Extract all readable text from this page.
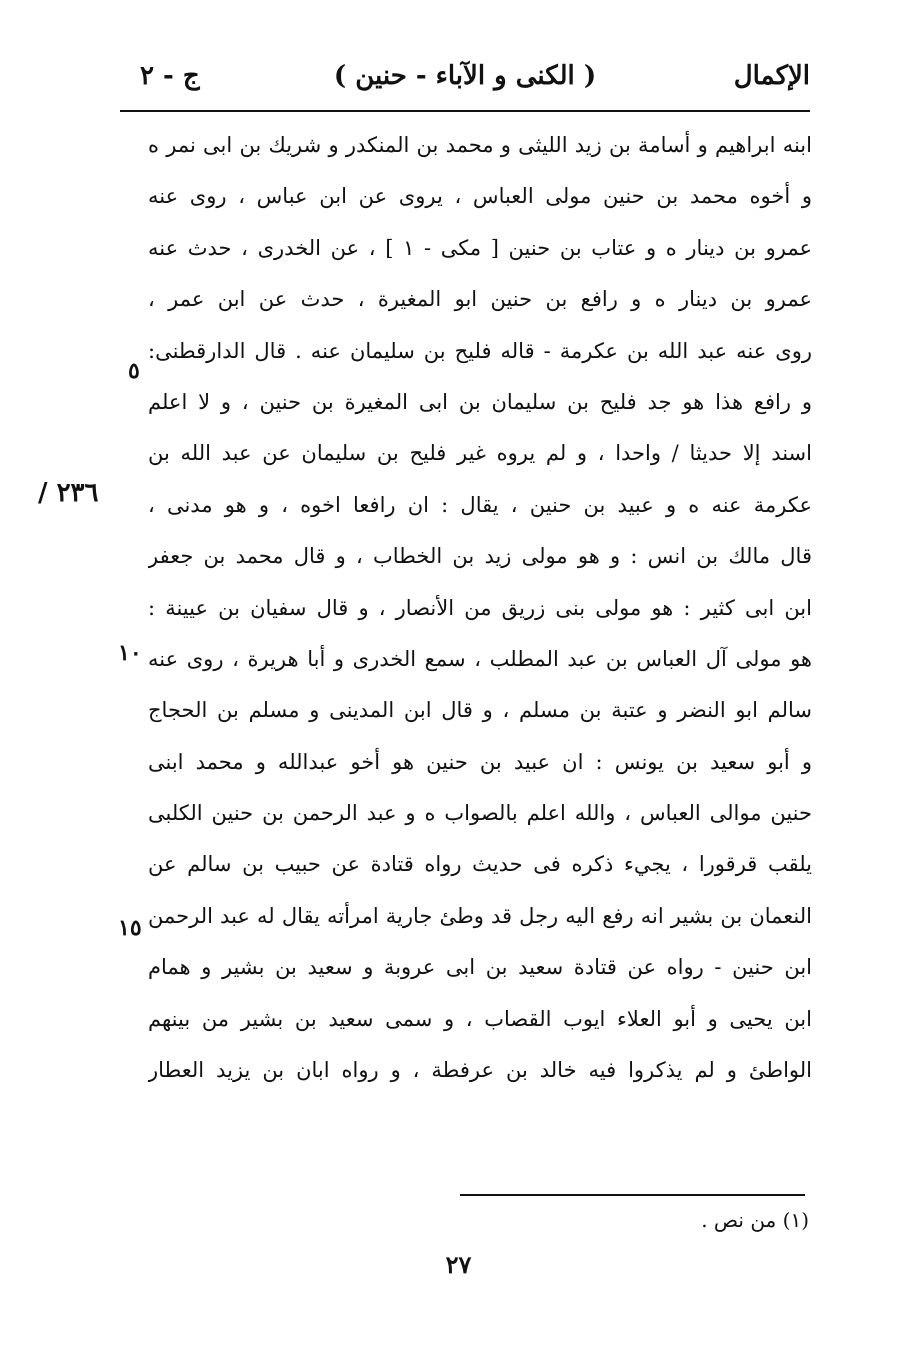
الإكمال
( الكنى و الآباء - حنين )
ج - ٢
ابنه ابراهيم و أسامة بن زيد الليثى و محمد بن المنكدر و شريك بن ابى نمر ه
و أخوه محمد بن حنين مولى العباس ، يروى عن ابن عباس ، روى عنه
عمرو بن دينار ه و عتاب بن حنين [ مكى - ١ ] ، عن الخدرى ، حدث عنه
عمرو بن دينار ه و رافع بن حنين ابو المغيرة ، حدث عن ابن عمر ،
روى عنه عبد الله بن عكرمة - قاله فليح بن سليمان عنه . قال الدارقطنى:
و رافع هذا هو جد فليح بن سليمان بن ابى المغيرة بن حنين ، و لا اعلم
اسند إلا حديثا / واحدا ، و لم يروه غير فليح بن سليمان عن عبد الله بن
عكرمة عنه ه و عبيد بن حنين ، يقال : ان رافعا اخوه ، و هو مدنى ،
قال مالك بن انس : و هو مولى زيد بن الخطاب ، و قال محمد بن جعفر
ابن ابى كثير : هو مولى بنى زريق من الأنصار ، و قال سفيان بن عيينة :
هو مولى آل العباس بن عبد المطلب ، سمع الخدرى و أبا هريرة ، روى عنه
سالم ابو النضر و عتبة بن مسلم ، و قال ابن المدينى و مسلم بن الحجاج
و أبو سعيد بن يونس : ان عبيد بن حنين هو أخو عبدالله و محمد ابنى
حنين موالى العباس ، والله اعلم بالصواب ه و عبد الرحمن بن حنين الكلبى
يلقب قرقورا ، يجيء ذكره فى حديث رواه قتادة عن حبيب بن سالم عن
النعمان بن بشير انه رفع اليه رجل قد وطئ جارية امرأته يقال له عبد الرحمن
ابن حنين - رواه عن قتادة سعيد بن ابى عروبة و سعيد بن بشير و همام
ابن يحيى و أبو العلاء ايوب القصاب ، و سمى سعيد بن بشير من بينهم
الواطئ و لم يذكروا فيه خالد بن عرفطة ، و رواه ابان بن يزيد العطار
٥
١٠
١٥
٢٣٦ /
(١) من نص .
٢٧
